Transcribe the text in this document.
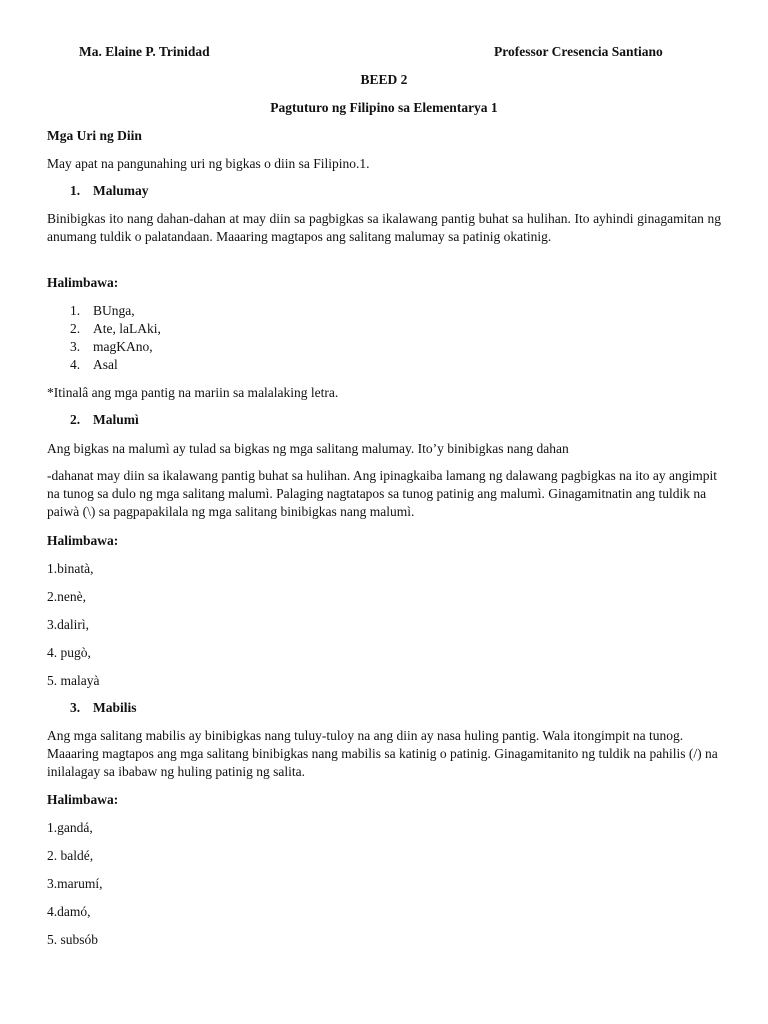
Ma. Elaine P. Trinidad	Professor Cresencia Santiano
BEED 2
Pagtuturo ng Filipino sa Elementarya 1
Mga Uri ng Diin
May apat na pangunahing uri ng bigkas o diin sa Filipino.1.
1. Malumay
Binibigkas ito nang dahan-dahan at may diin sa pagbigkas sa ikalawang pantig buhat sa hulihan. Ito ayhindi ginagamitan ng anumang tuldik o palatandaan. Maaaring magtapos ang salitang malumay sa patinig okatinig.
Halimbawa:
1. BUnga,
2. Ate, laLAki,
3. magKAno,
4. Asal
*Itinalâ ang mga pantig na mariin sa malalaking letra.
2. Malumì
Ang bigkas na malumì ay tulad sa bigkas ng mga salitang malumay. Ito’y binibigkas nang dahan
-dahanat may diin sa ikalawang pantig buhat sa hulihan. Ang ipinagkaiba lamang ng dalawang pagbigkas na ito ay angimpit na tunog sa dulo ng mga salitang malumì. Palaging nagtatapos sa tunog patinig ang malumì. Ginagamitnatin ang tuldik na paiwà (\) sa pagpapakilala ng mga salitang binibigkas nang malumì.
Halimbawa:
1.binatà,
2.nenè,
3.dalirì,
4. pugò,
5. malayà
3. Mabilis
Ang mga salitang mabilis ay binibigkas nang tuluy-tuloy na ang diin ay nasa huling pantig. Wala itongimpit na tunog. Maaaring magtapos ang mga salitang binibigkas nang mabilis sa katinig o patinig. Ginagamitanito ng tuldik na pahilis (/) na inilalagay sa ibabaw ng huling patinig ng salita.
Halimbawa:
1.gandá,
2. baldé,
3.marumí,
4.damó,
5. subsób
